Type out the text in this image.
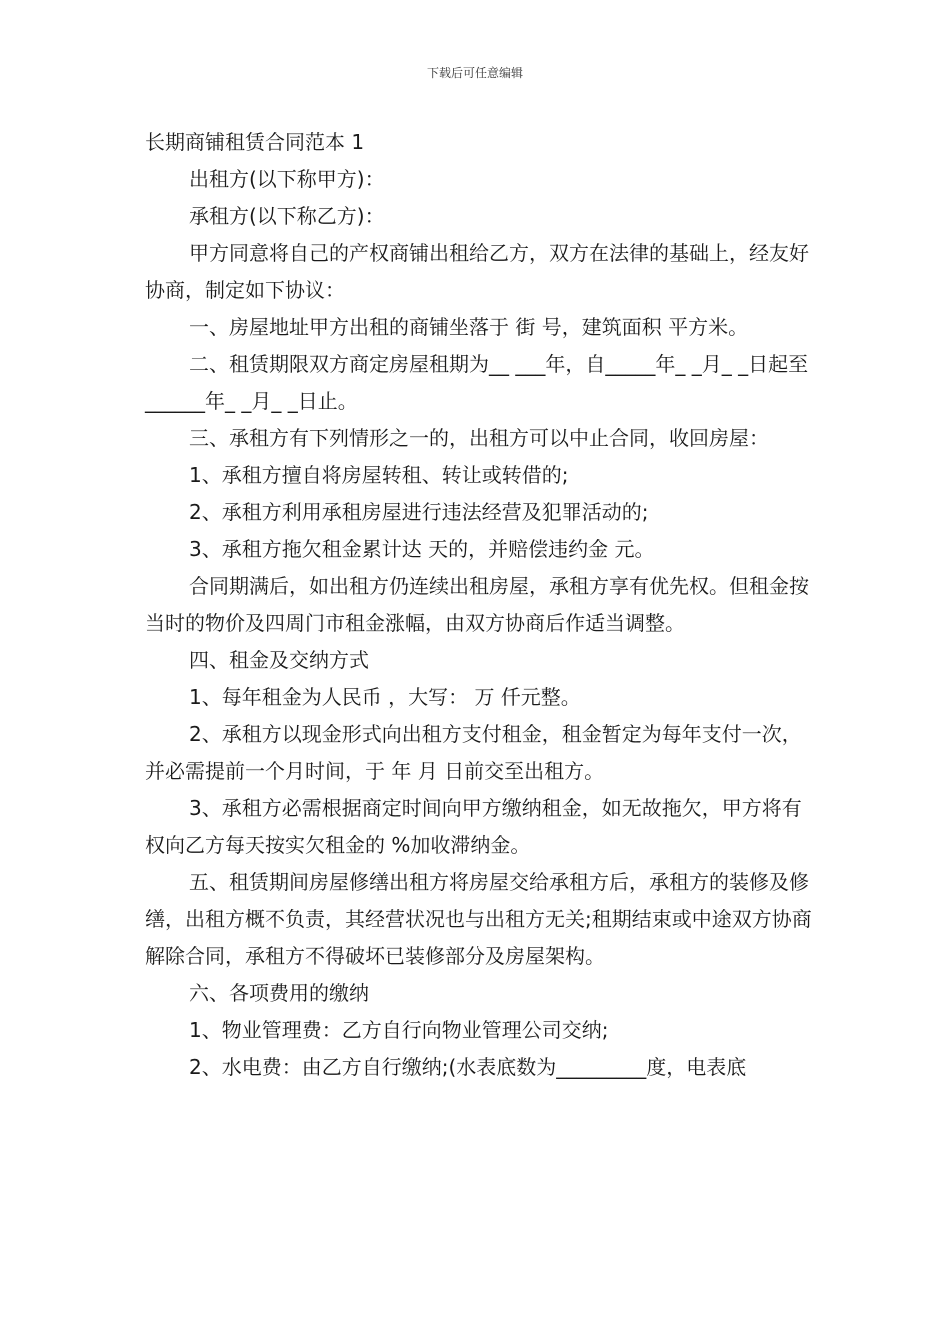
下载后可任意编辑

长期商铺租赁合同范本 1

出租方(以下称甲方)：

承租方(以下称乙方)：

甲方同意将自己的产权商铺出租给乙方，双方在法律的基础上，经友好协商，制定如下协议：

一、房屋地址甲方出租的商铺坐落于 街 号，建筑面积 平方米。

二、租赁期限双方商定房屋租期为__ ___年，自_____年_ _月_ _日起至______年_ _月_ _日止。

三、承租方有下列情形之一的，出租方可以中止合同，收回房屋：

1、承租方擅自将房屋转租、转让或转借的;

2、承租方利用承租房屋进行违法经营及犯罪活动的;

3、承租方拖欠租金累计达 天的，并赔偿违约金 元。

合同期满后，如出租方仍连续出租房屋，承租方享有优先权。但租金按当时的物价及四周门市租金涨幅，由双方协商后作适当调整。

四、租金及交纳方式

1、每年租金为人民币 ，大写： 万 仟元整。

2、承租方以现金形式向出租方支付租金，租金暂定为每年支付一次，并必需提前一个月时间，于 年 月 日前交至出租方。

3、承租方必需根据商定时间向甲方缴纳租金，如无故拖欠，甲方将有权向乙方每天按实欠租金的 %加收滞纳金。

五、租赁期间房屋修缮出租方将房屋交给承租方后，承租方的装修及修缮，出租方概不负责，其经营状况也与出租方无关;租期结束或中途双方协商解除合同，承租方不得破坏已装修部分及房屋架构。

六、各项费用的缴纳

1、物业管理费：乙方自行向物业管理公司交纳;

2、水电费：由乙方自行缴纳;(水表底数为_________度，电表底
